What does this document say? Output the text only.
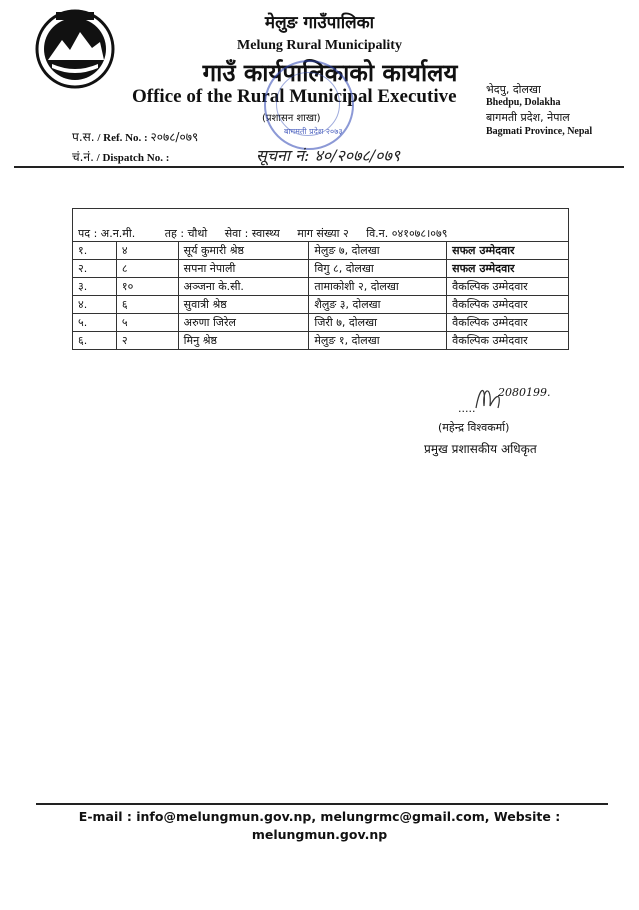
मेलुङ गाउँपालिका
Melung Rural Municipality
गाउँ कार्यपालिकाको कार्यालय
Office of the Rural Municipal Executive
(प्रशासन शाखा)
भेदपु, दोलखा
Bhedpu, Dolakha
बागमती प्रदेश, नेपाल
Bagmati Province, Nepal
बागमती प्रदेश २०७३
प.स. / Ref. No. : २०७८/०७९
चं.नं. / Dispatch No. :	सूचना नं: ४०/२०७८/०७९
पद : अ.न.मी. तह : चौथो सेवा : स्वास्थ्य माग संख्या २ वि.न. ०४१०७८।०७९				
१.	४	सूर्य कुमारी श्रेष्ठ	मेलुङ ७, दोलखा	सफल उम्मेदवार
२.	८	सपना नेपाली	विगु ८, दोलखा	सफल उम्मेदवार
३.	१०	अञ्जना के.सी.	तामाकोशी २, दोलखा	वैकल्पिक उम्मेदवार
४.	६	सुवात्री श्रेष्ठ	शैलुङ ३, दोलखा	वैकल्पिक उम्मेदवार
५.	५	अरुणा जिरेल	जिरी ७, दोलखा	वैकल्पिक उम्मेदवार
६.	२	मिनु श्रेष्ठ	मेलुङ १, दोलखा	वैकल्पिक उम्मेदवार
2080199.
.....
(महेन्द्र विश्वकर्मा)
प्रमुख प्रशासकीय अधिकृत
E-mail : info@melungmun.gov.np, melungrmc@gmail.com, Website :
melungmun.gov.np
